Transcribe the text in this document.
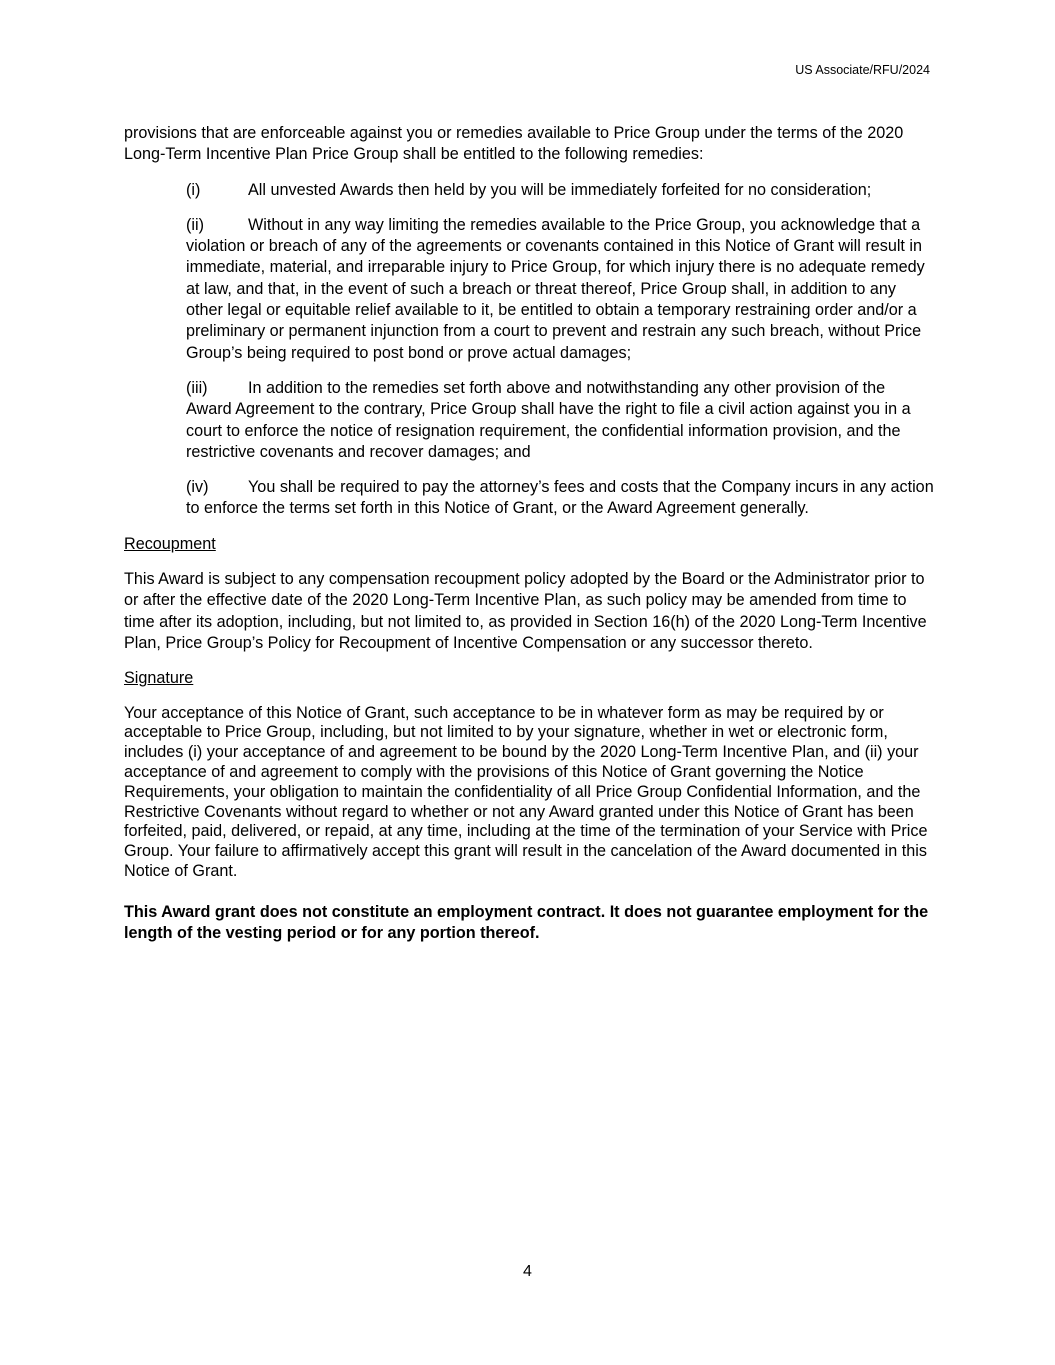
US Associate/RFU/2024

provisions that are enforceable against you or remedies available to Price Group under the terms of the 2020 Long-Term Incentive Plan Price Group shall be entitled to the following remedies:

(i)	All unvested Awards then held by you will be immediately forfeited for no consideration;

(ii)	Without in any way limiting the remedies available to the Price Group, you acknowledge that a violation or breach of any of the agreements or covenants contained in this Notice of Grant will result in immediate, material, and irreparable injury to Price Group, for which injury there is no adequate remedy at law, and that, in the event of such a breach or threat thereof, Price Group shall, in addition to any other legal or equitable relief available to it, be entitled to obtain a temporary restraining order and/or a preliminary or permanent injunction from a court to prevent and restrain any such breach, without Price Group’s being required to post bond or prove actual damages;

(iii) In addition to the remedies set forth above and notwithstanding any other provision of the Award Agreement to the contrary, Price Group shall have the right to file a civil action against you in a court to enforce the notice of resignation requirement, the confidential information provision, and the restrictive covenants and recover damages; and

(iv) You shall be required to pay the attorney’s fees and costs that the Company incurs in any action to enforce the terms set forth in this Notice of Grant, or the Award Agreement generally.

Recoupment

This Award is subject to any compensation recoupment policy adopted by the Board or the Administrator prior to or after the effective date of the 2020 Long-Term Incentive Plan, as such policy may be amended from time to time after its adoption, including, but not limited to, as provided in Section 16(h) of the 2020 Long-Term Incentive Plan, Price Group’s Policy for Recoupment of Incentive Compensation or any successor thereto.

Signature

Your acceptance of this Notice of Grant, such acceptance to be in whatever form as may be required by or acceptable to Price Group, including, but not limited to by your signature, whether in wet or electronic form, includes (i) your acceptance of and agreement to be bound by the 2020 Long-Term Incentive Plan, and (ii) your acceptance of and agreement to comply with the provisions of this Notice of Grant governing the Notice Requirements, your obligation to maintain the confidentiality of all Price Group Confidential Information, and the Restrictive Covenants without regard to whether or not any Award granted under this Notice of Grant has been forfeited, paid, delivered, or repaid, at any time, including at the time of the termination of your Service with Price Group. Your failure to affirmatively accept this grant will result in the cancelation of the Award documented in this Notice of Grant.

This Award grant does not constitute an employment contract. It does not guarantee employment for the length of the vesting period or for any portion thereof.

4
